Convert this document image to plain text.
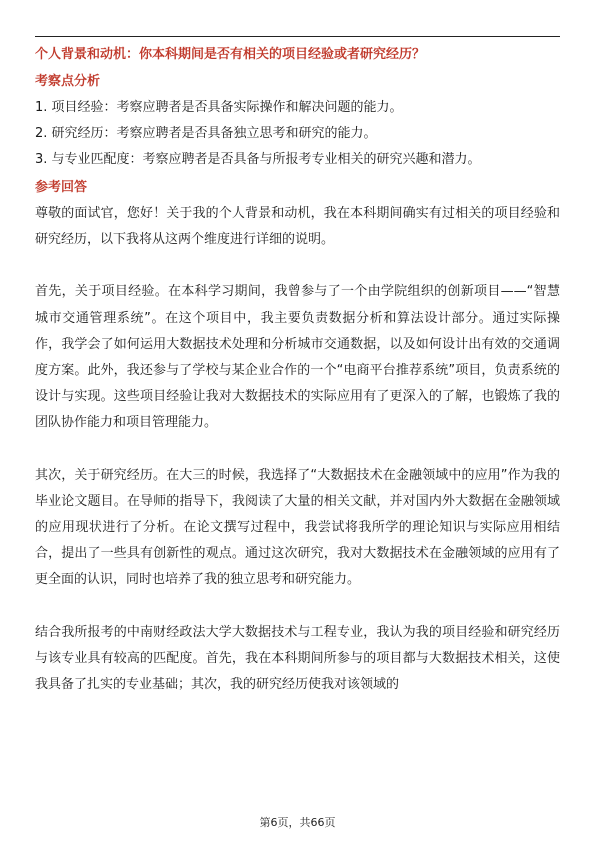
个人背景和动机：你本科期间是否有相关的项目经验或者研究经历？
考察点分析
1. 项目经验：考察应聘者是否具备实际操作和解决问题的能力。
2. 研究经历：考察应聘者是否具备独立思考和研究的能力。
3. 与专业匹配度：考察应聘者是否具备与所报考专业相关的研究兴趣和潜力。
参考回答

尊敬的面试官，您好！关于我的个人背景和动机，我在本科期间确实有过相关的项目经验和研究经历，以下我将从这两个维度进行详细的说明。

首先，关于项目经验。在本科学习期间，我曾参与了一个由学院组织的创新项目——“智慧城市交通管理系统”。在这个项目中，我主要负责数据分析和算法设计部分。通过实际操作，我学会了如何运用大数据技术处理和分析城市交通数据，以及如何设计出有效的交通调度方案。此外，我还参与了学校与某企业合作的一个“电商平台推荐系统”项目，负责系统的设计与实现。这些项目经验让我对大数据技术的实际应用有了更深入的了解，也锻炼了我的团队协作能力和项目管理能力。

其次，关于研究经历。在大三的时候，我选择了“大数据技术在金融领域中的应用”作为我的毕业论文题目。在导师的指导下，我阅读了大量的相关文献，并对国内外大数据在金融领域的应用现状进行了分析。在论文撰写过程中，我尝试将我所学的理论知识与实际应用相结合，提出了一些具有创新性的观点。通过这次研究，我对大数据技术在金融领域的应用有了更全面的认识，同时也培养了我的独立思考和研究能力。

结合我所报考的中南财经政法大学大数据技术与工程专业，我认为我的项目经验和研究经历与该专业具有较高的匹配度。首先，我在本科期间所参与的项目都与大数据技术相关，这使我具备了扎实的专业基础；其次，我的研究经历使我对该领域的

第6页，共66页
